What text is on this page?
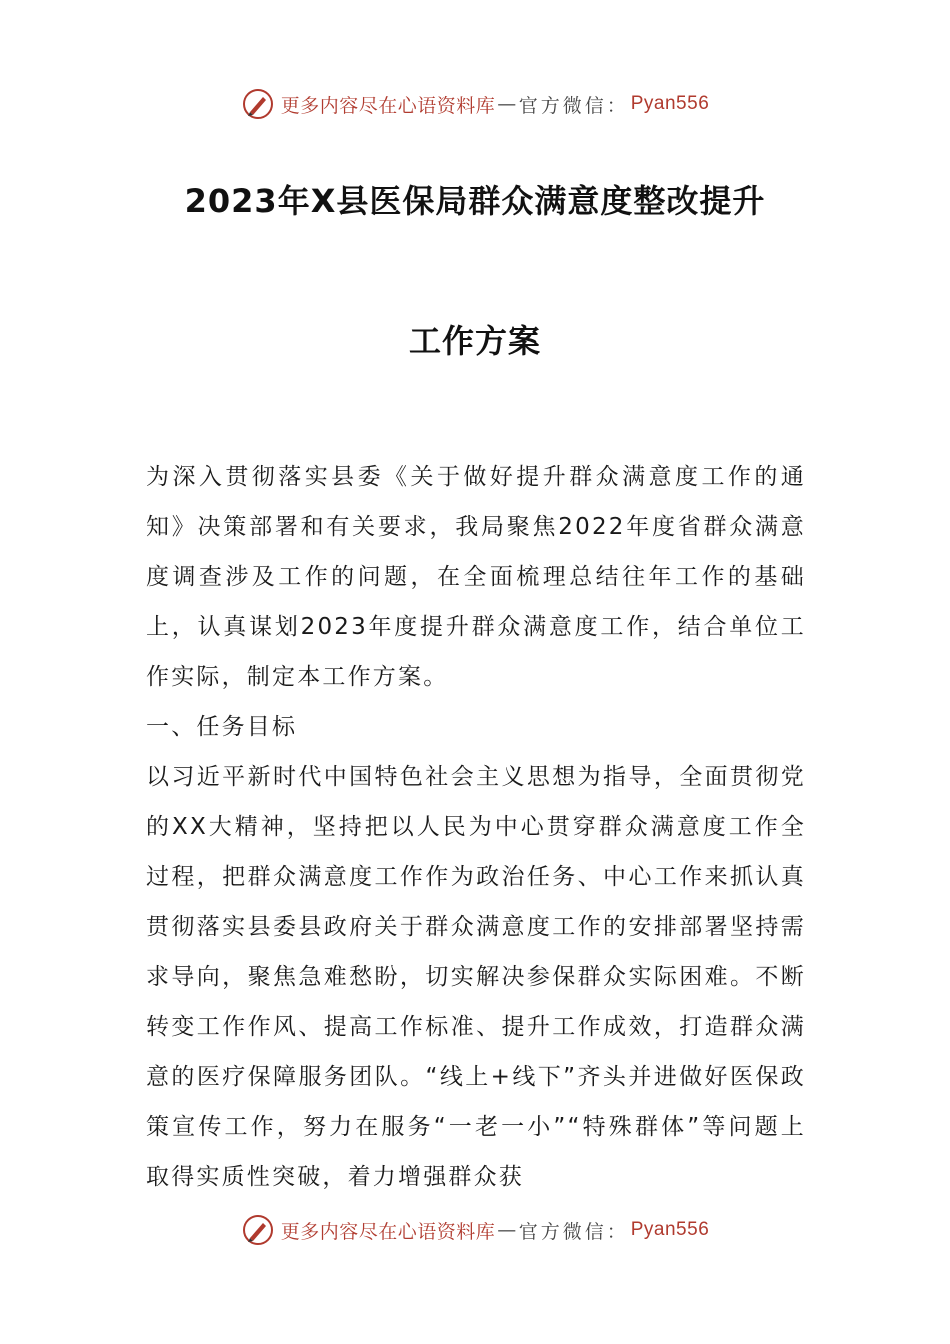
更多内容尽在心语资料库 — 官方微信： Pyan556
2023年X县医保局群众满意度整改提升
工作方案

为深入贯彻落实县委《关于做好提升群众满意度工作的通知》决策部署和有关要求，我局聚焦2022年度省群众满意度调查涉及工作的问题，在全面梳理总结往年工作的基础上，认真谋划2023年度提升群众满意度工作，结合单位工作实际，制定本工作方案。

一、任务目标

以习近平新时代中国特色社会主义思想为指导，全面贯彻党的XX大精神，坚持把以人民为中心贯穿群众满意度工作全过程，把群众满意度工作作为政治任务、中心工作来抓认真贯彻落实县委县政府关于群众满意度工作的安排部署坚持需求导向，聚焦急难愁盼，切实解决参保群众实际困难。不断转变工作作风、提高工作标准、提升工作成效，打造群众满意的医疗保障服务团队。“线上+线下”齐头并进做好医保政策宣传工作，努力在服务“一老一小”“特殊群体”等问题上取得实质性突破，着力增强群众获

更多内容尽在心语资料库 — 官方微信： Pyan556
